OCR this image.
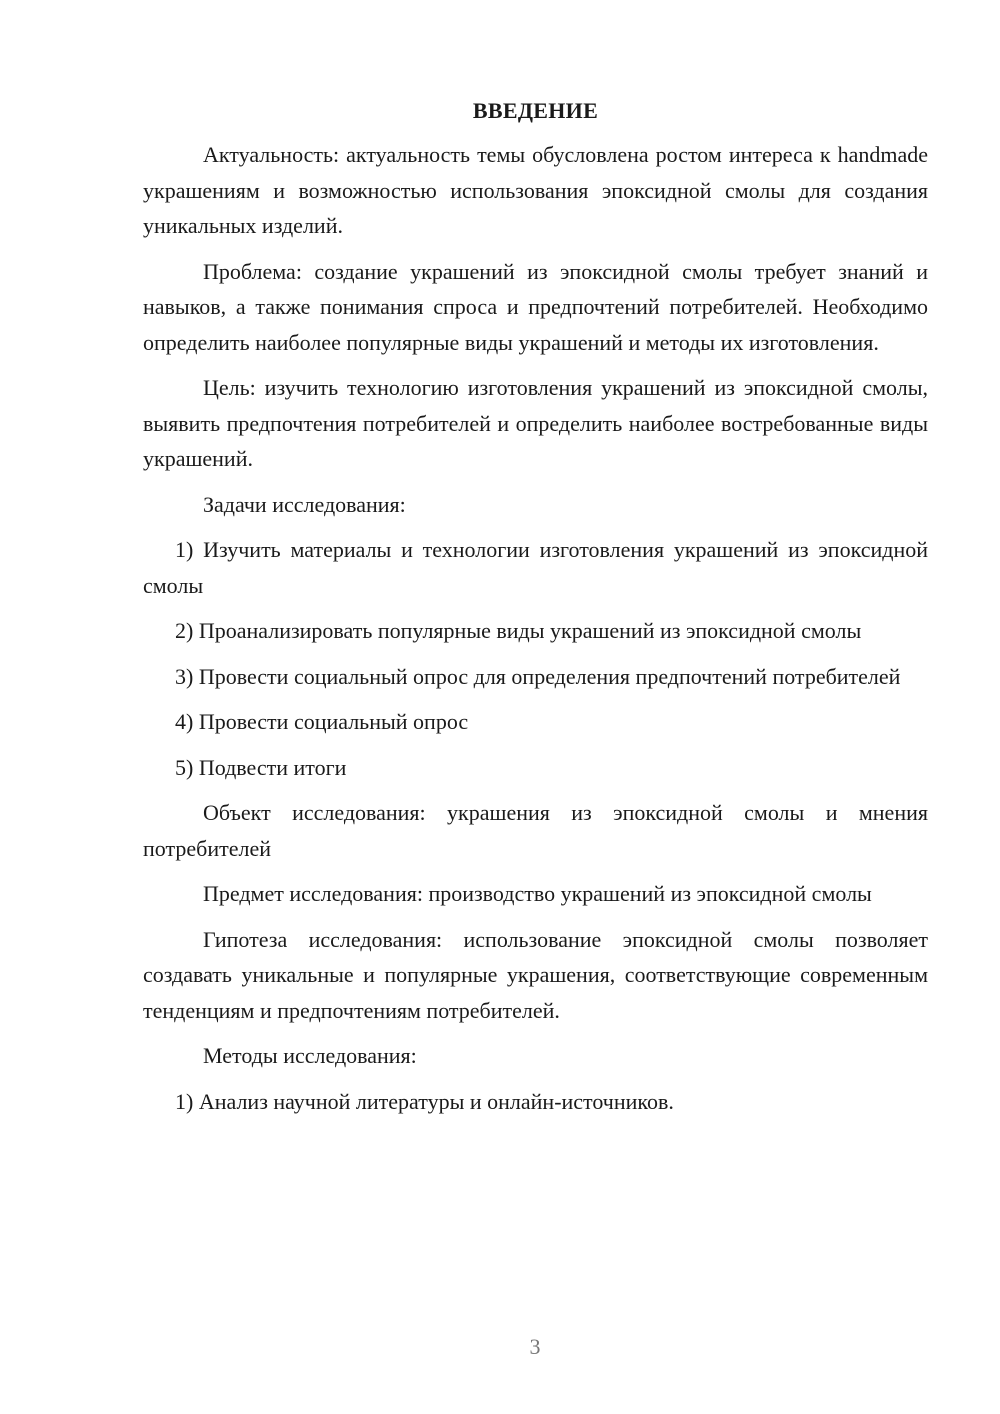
ВВЕДЕНИЕ

Актуальность: актуальность темы обусловлена ростом интереса к handmade украшениям и возможностью использования эпоксидной смолы для создания уникальных изделий.

Проблема: создание украшений из эпоксидной смолы требует знаний и навыков, а также понимания спроса и предпочтений потребителей. Необходимо определить наиболее популярные виды украшений и методы их изготовления.

Цель: изучить технологию изготовления украшений из эпоксидной смолы, выявить предпочтения потребителей и определить наиболее востребованные виды украшений.

Задачи исследования:

1) Изучить материалы и технологии изготовления украшений из эпоксидной смолы

2) Проанализировать популярные виды украшений из эпоксидной смолы

3) Провести социальный опрос для определения предпочтений потребителей

4) Провести социальный опрос

5) Подвести итоги

Объект исследования: украшения из эпоксидной смолы и мнения потребителей

Предмет исследования: производство украшений из эпоксидной смолы

Гипотеза исследования: использование эпоксидной смолы позволяет создавать уникальные и популярные украшения, соответствующие современным тенденциям и предпочтениям потребителей.

Методы исследования:

1) Анализ научной литературы и онлайн-источников.

3
